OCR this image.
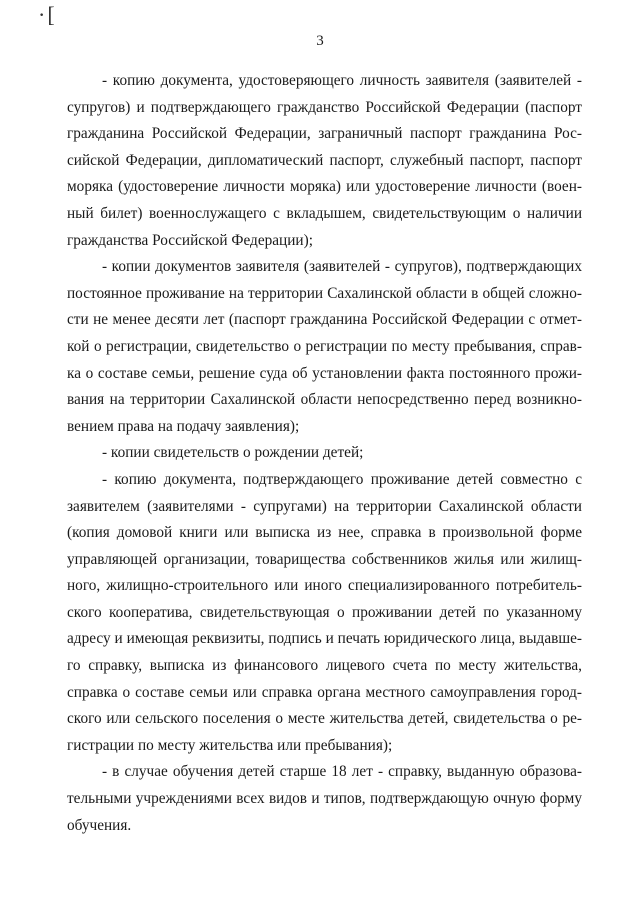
·[
3
- копию документа, удостоверяющего личность заявителя (заявителей -
супругов) и подтверждающего гражданство Российской Федерации (паспорт
гражданина Российской Федерации, заграничный паспорт гражданина Рос-
сийской Федерации, дипломатический паспорт, служебный паспорт, паспорт
моряка (удостоверение личности моряка) или удостоверение личности (воен-
ный билет) военнослужащего с вкладышем, свидетельствующим о наличии
гражданства Российской Федерации);
- копии документов заявителя (заявителей - супругов), подтверждающих
постоянное проживание на территории Сахалинской области в общей сложно-
сти не менее десяти лет (паспорт гражданина Российской Федерации с отмет-
кой о регистрации, свидетельство о регистрации по месту пребывания, справ-
ка о составе семьи, решение суда об установлении факта постоянного прожи-
вания на территории Сахалинской области непосредственно перед возникно-
вением права на подачу заявления);
- копии свидетельств о рождении детей;
- копию документа, подтверждающего проживание детей совместно с
заявителем (заявителями - супругами) на территории Сахалинской области
(копия домовой книги или выписка из нее, справка в произвольной форме
управляющей организации, товарищества собственников жилья или жилищ-
ного, жилищно-строительного или иного специализированного потребитель-
ского кооператива, свидетельствующая о проживании детей по указанному
адресу и имеющая реквизиты, подпись и печать юридического лица, выдавше-
го справку, выписка из финансового лицевого счета по месту жительства,
справка о составе семьи или справка органа местного самоуправления город-
ского или сельского поселения о месте жительства детей, свидетельства о ре-
гистрации по месту жительства или пребывания);
- в случае обучения детей старше 18 лет - справку, выданную образова-
тельными учреждениями всех видов и типов, подтверждающую очную форму
обучения.
